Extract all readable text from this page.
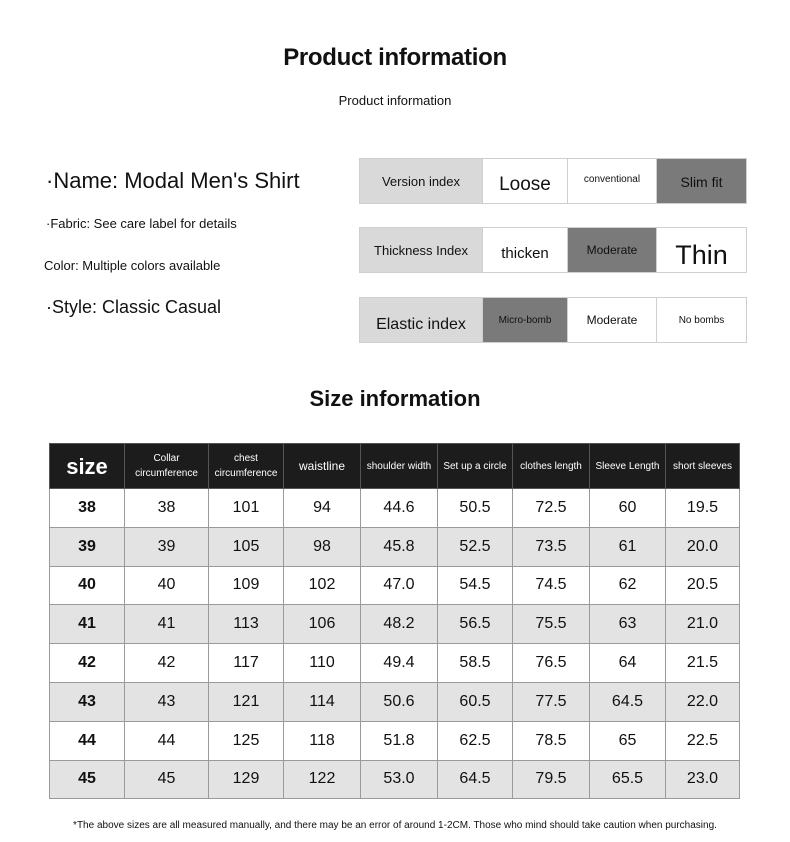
Product information
Product information
·Name: Modal Men's Shirt
·Fabric: See care label for details
Color: Multiple colors available
·Style: Classic Casual
Version index	Loose	conventional	Slim fit
Thickness Index	thicken	Moderate	Thin
Elastic index	Micro-bomb	Moderate	No bombs
Size information
size	Collar circumference	chest circumference	waistline	shoulder width	Set up a circle	clothes length	Sleeve Length	short sleeves
38	38	101	94	44.6	50.5	72.5	60	19.5
39	39	105	98	45.8	52.5	73.5	61	20.0
40	40	109	102	47.0	54.5	74.5	62	20.5
41	41	113	106	48.2	56.5	75.5	63	21.0
42	42	117	110	49.4	58.5	76.5	64	21.5
43	43	121	114	50.6	60.5	77.5	64.5	22.0
44	44	125	118	51.8	62.5	78.5	65	22.5
45	45	129	122	53.0	64.5	79.5	65.5	23.0
*The above sizes are all measured manually, and there may be an error of around 1-2CM. Those who mind should take caution when purchasing.
